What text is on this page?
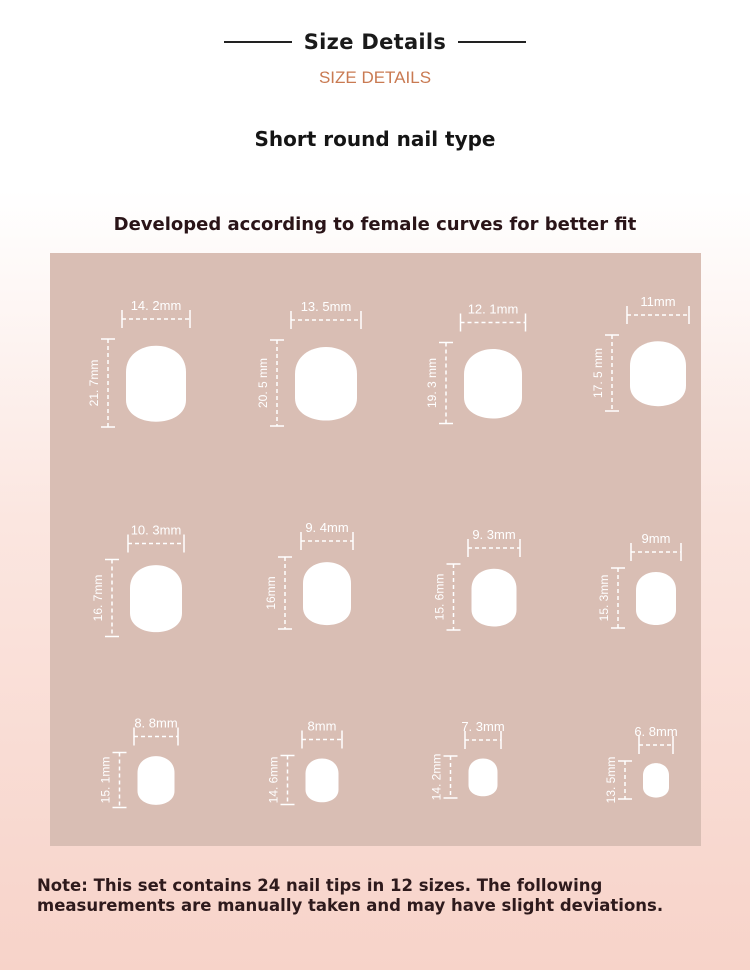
Size Details
SIZE DETAILS
Short round nail type
Developed according to female curves for better fit
14. 2mm
21. 7mm
13. 5mm
20. 5 mm
12. 1mm
19. 3 mm
11mm
17. 5 mm
10. 3mm
16. 7mm
9. 4mm
16mm
9. 3mm
15. 6mm
9mm
15. 3mm
8. 8mm
15. 1mm
8mm
14. 6mm
7. 3mm
14. 2mm
6. 8mm
13. 5mm
Note: This set contains 24 nail tips in 12 sizes. The following measurements are manually taken and may have slight deviations.
